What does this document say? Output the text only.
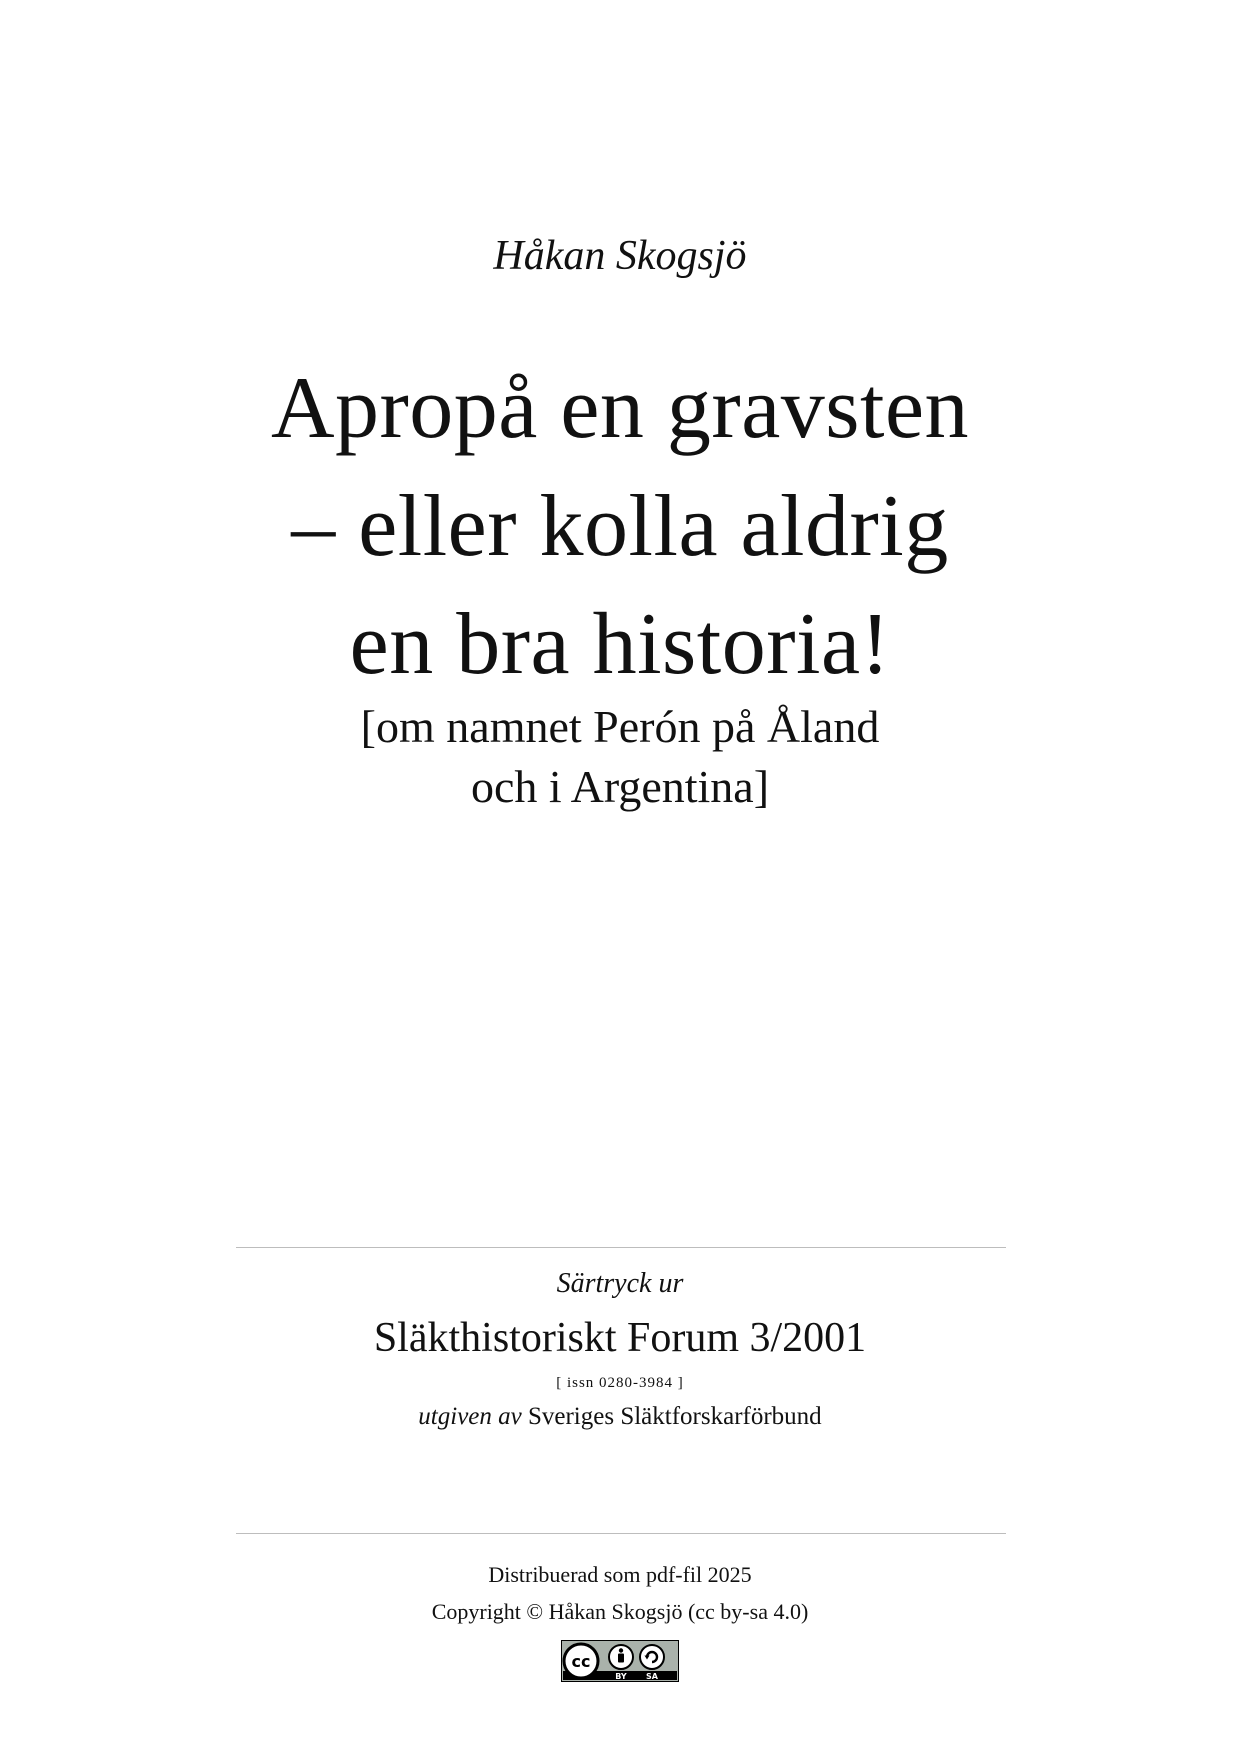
Håkan Skogsjö
Apropå en gravsten
– eller kolla aldrig
en bra historia!
[om namnet Perón på Åland
och i Argentina]
Särtryck ur
Släkthistoriskt Forum 3/2001
[ issn 0280-3984 ]
utgiven av Sveriges Släktforskarförbund
Distribuerad som pdf-fil 2025
Copyright © Håkan Skogsjö (cc by-sa 4.0)
cc
BY SA
